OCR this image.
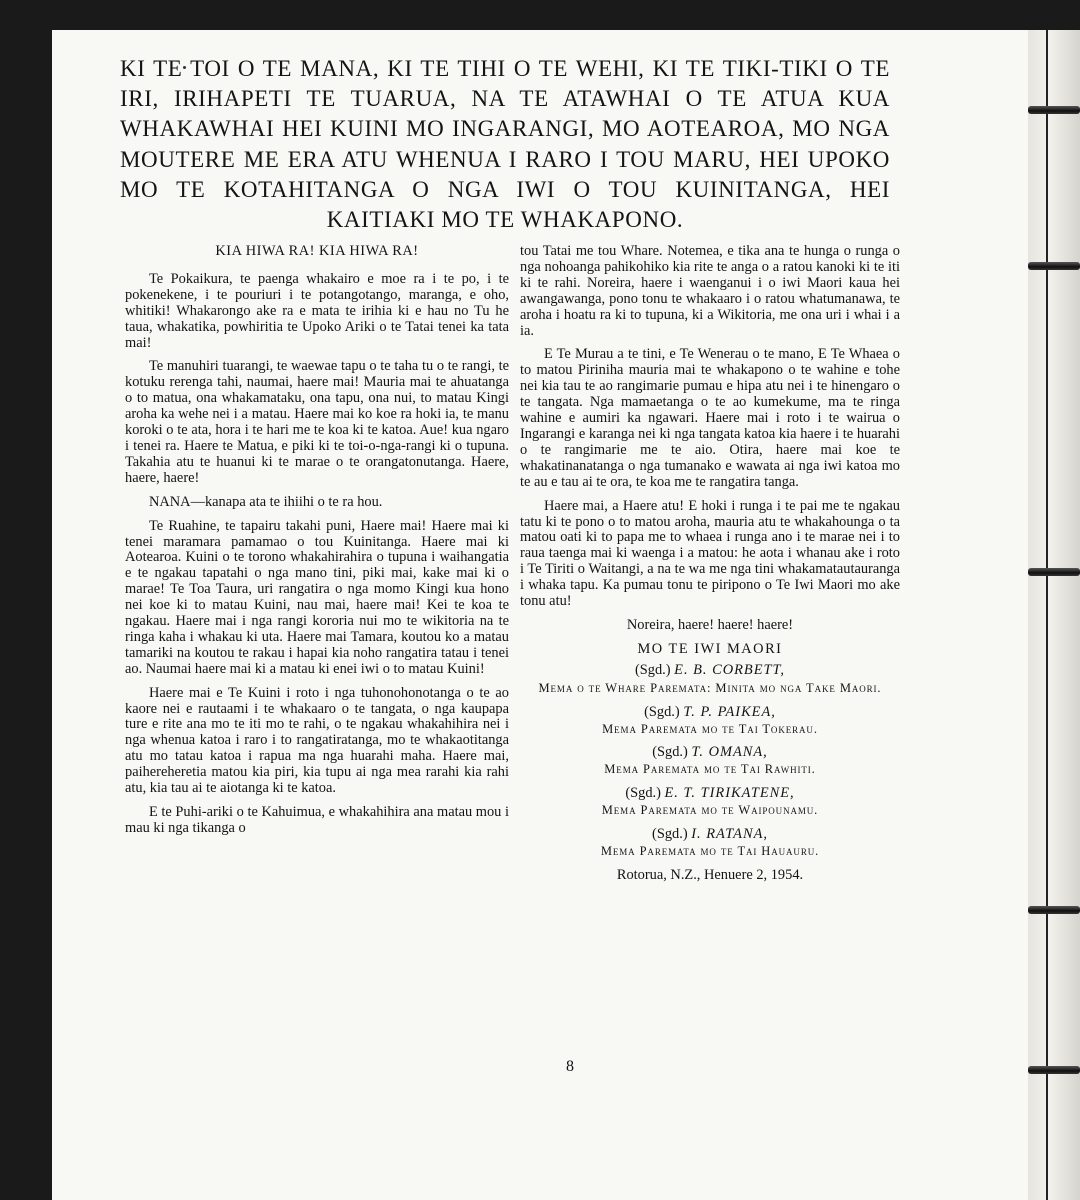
KI TE TOI O TE MANA, KI TE TIHI O TE WEHI, KI TE TIKI-TIKI O TE IRI, IRIHAPETI TE TUARUA, NA TE ATAWHAI O TE ATUA KUA WHAKAWHAI HEI KUINI MO INGARANGI, MO AOTEAROA, MO NGA MOUTERE ME ERA ATU WHENUA I RARO I TOU MARU, HEI UPOKO MO TE KOTAHITANGA O NGA IWI O TOU KUINITANGA, HEI KAITIAKI MO TE WHAKAPONO.

KIA HIWA RA! KIA HIWA RA!

Te Pokaikura, te paenga whakairo e moe ra i te po, i te pokenekene, i te pouriuri i te potangotango, maranga, e oho, whitiki! Whakarongo ake ra e mata te irihia ki e hau no Tu he taua, whakatika, powhiritia te Upoko Ariki o te Tatai tenei ka tata mai!

Te manuhiri tuarangi, te waewae tapu o te taha tu o te rangi, te kotuku rerenga tahi, naumai, haere mai! Mauria mai te ahuatanga o to matua, ona whakamataku, ona tapu, ona nui, to matau Kingi aroha ka wehe nei i a matau. Haere mai ko koe ra hoki ia, te manu koroki o te ata, hora i te hari me te koa ki te katoa. Aue! kua ngaro i tenei ra. Haere te Matua, e piki ki te toi-o-nga-rangi ki o tupuna. Takahia atu te huanui ki te marae o te orangatonutanga. Haere, haere, haere!

NANA—kanapa ata te ihiihi o te ra hou.

Te Ruahine, te tapairu takahi puni, Haere mai! Haere mai ki tenei maramara pamamao o tou Kuinitanga. Haere mai ki Aotearoa. Kuini o te torono whakahirahira o tupuna i waihangatia e te ngakau tapatahi o nga mano tini, piki mai, kake mai ki o marae! Te Toa Taura, uri rangatira o nga momo Kingi kua hono nei koe ki to matau Kuini, nau mai, haere mai! Kei te koa te ngakau. Haere mai i nga rangi kororia nui mo te wikitoria na te ringa kaha i whakau ki uta. Haere mai Tamara, koutou ko a matau tamariki na koutou te rakau i hapai kia noho rangatira tatau i tenei ao. Naumai haere mai ki a matau ki enei iwi o to matau Kuini!

Haere mai e Te Kuini i roto i nga tuhonohonotanga o te ao kaore nei e rautaami i te whakaaro o te tangata, o nga kaupapa ture e rite ana mo te iti mo te rahi, o te ngakau whakahihira nei i nga whenua katoa i raro i to rangatiratanga, mo te whakaotitanga atu mo tatau katoa i rapua ma nga huarahi maha. Haere mai, paihereheretia matou kia piri, kia tupu ai nga mea rarahi kia rahi atu, kia tau ai te aiotanga ki te katoa.

E te Puhi-ariki o te Kahuimua, e whakahihira ana matau mou i mau ki nga tikanga o

tou Tatai me tou Whare. Notemea, e tika ana te hunga o runga o nga nohoanga pahikohiko kia rite te anga o a ratou kanoki ki te iti ki te rahi. Noreira, haere i waenganui i o iwi Maori kaua hei awangawanga, pono tonu te whakaaro i o ratou whatumanawa, te aroha i hoatu ra ki to tupuna, ki a Wikitoria, me ona uri i whai i a ia.

E Te Murau a te tini, e Te Wenerau o te mano, E Te Whaea o to matou Piriniha mauria mai te whakapono o te wahine e tohe nei kia tau te ao rangimarie pumau e hipa atu nei i te hinengaro o te tangata. Nga mamaetanga o te ao kumekume, ma te ringa wahine e aumiri ka ngawari. Haere mai i roto i te wairua o Ingarangi e karanga nei ki nga tangata katoa kia haere i te huarahi o te rangimarie me te aio. Otira, haere mai koe te whakatinanatanga o nga tumanako e wawata ai nga iwi katoa mo te au e tau ai te ora, te koa me te rangatira tanga.

Haere mai, a Haere atu! E hoki i runga i te pai me te ngakau tatu ki te pono o to matou aroha, mauria atu te whakahounga o ta matou oati ki to papa me to whaea i runga ano i te marae nei i to raua taenga mai ki waenga i a matou: he aota i whanau ake i roto i Te Tiriti o Waitangi, a na te wa me nga tini whakamatautauranga i whaka tapu. Ka pumau tonu te piripono o Te Iwi Maori mo ake tonu atu!

Noreira, haere! haere! haere!

MO TE IWI MAORI

(Sgd.) E. B. CORBETT,

Mema o te Whare Paremata: Minita mo nga Take Maori.

(Sgd.) T. P. PAIKEA,

Mema Paremata mo te Tai Tokerau.

(Sgd.) T. OMANA,

Mema Paremata mo te Tai Rawhiti.

(Sgd.) E. T. TIRIKATENE,

Mema Paremata mo te Waipounamu.

(Sgd.) I. RATANA,

Mema Paremata mo te Tai Hauauru.

Rotorua, N.Z., Henuere 2, 1954.

8
